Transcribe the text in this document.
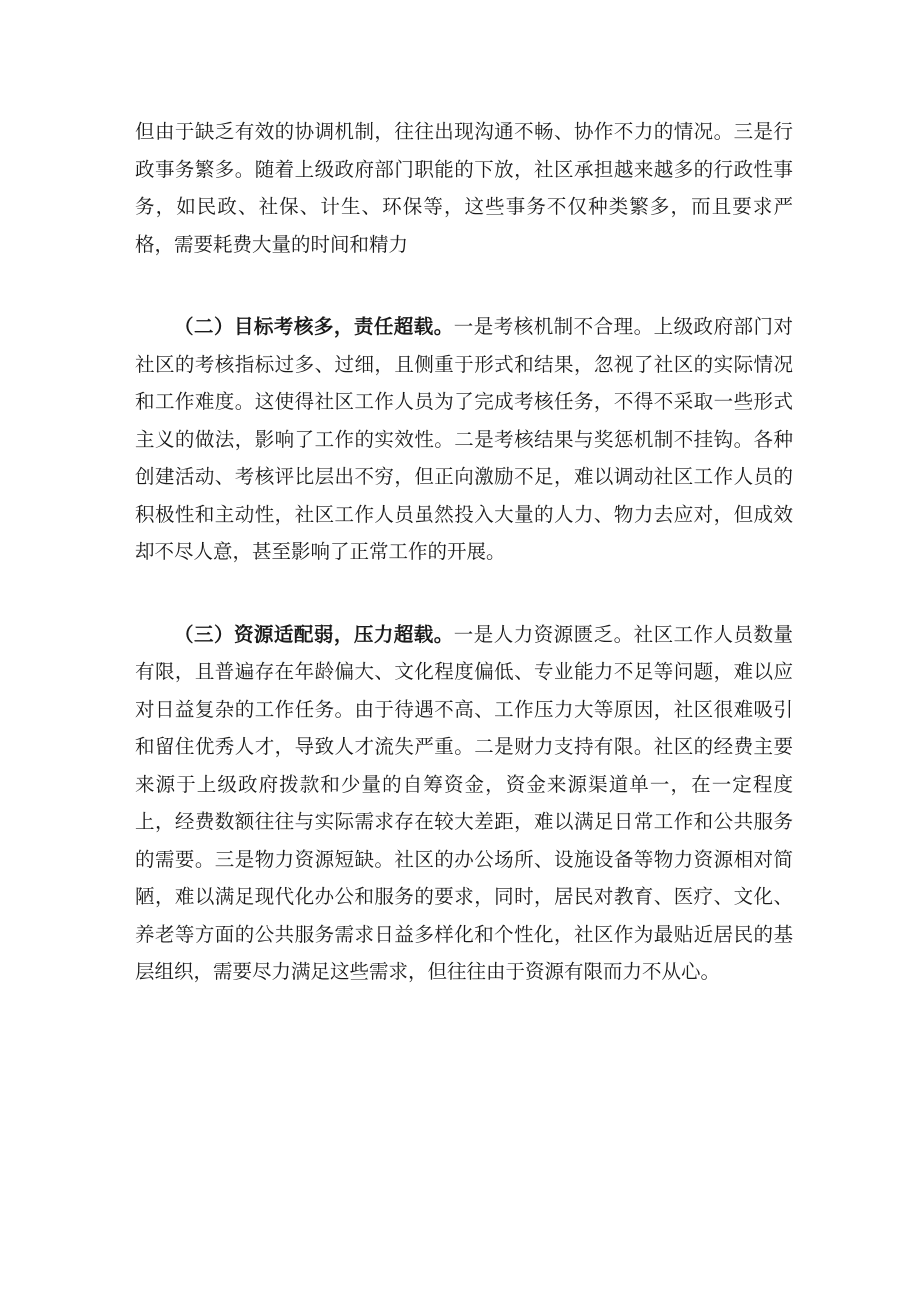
但由于缺乏有效的协调机制，往往出现沟通不畅、协作不力的情况。三是行政事务繁多。随着上级政府部门职能的下放，社区承担越来越多的行政性事务，如民政、社保、计生、环保等，这些事务不仅种类繁多，而且要求严格，需要耗费大量的时间和精力

（二）目标考核多，责任超载。一是考核机制不合理。上级政府部门对社区的考核指标过多、过细，且侧重于形式和结果，忽视了社区的实际情况和工作难度。这使得社区工作人员为了完成考核任务，不得不采取一些形式主义的做法，影响了工作的实效性。二是考核结果与奖惩机制不挂钩。各种创建活动、考核评比层出不穷，但正向激励不足，难以调动社区工作人员的积极性和主动性，社区工作人员虽然投入大量的人力、物力去应对，但成效却不尽人意，甚至影响了正常工作的开展。

（三）资源适配弱，压力超载。一是人力资源匮乏。社区工作人员数量有限，且普遍存在年龄偏大、文化程度偏低、专业能力不足等问题，难以应对日益复杂的工作任务。由于待遇不高、工作压力大等原因，社区很难吸引和留住优秀人才，导致人才流失严重。二是财力支持有限。社区的经费主要来源于上级政府拨款和少量的自筹资金，资金来源渠道单一，在一定程度上，经费数额往往与实际需求存在较大差距，难以满足日常工作和公共服务的需要。三是物力资源短缺。社区的办公场所、设施设备等物力资源相对简陋，难以满足现代化办公和服务的要求，同时，居民对教育、医疗、文化、养老等方面的公共服务需求日益多样化和个性化，社区作为最贴近居民的基层组织，需要尽力满足这些需求，但往往由于资源有限而力不从心。
